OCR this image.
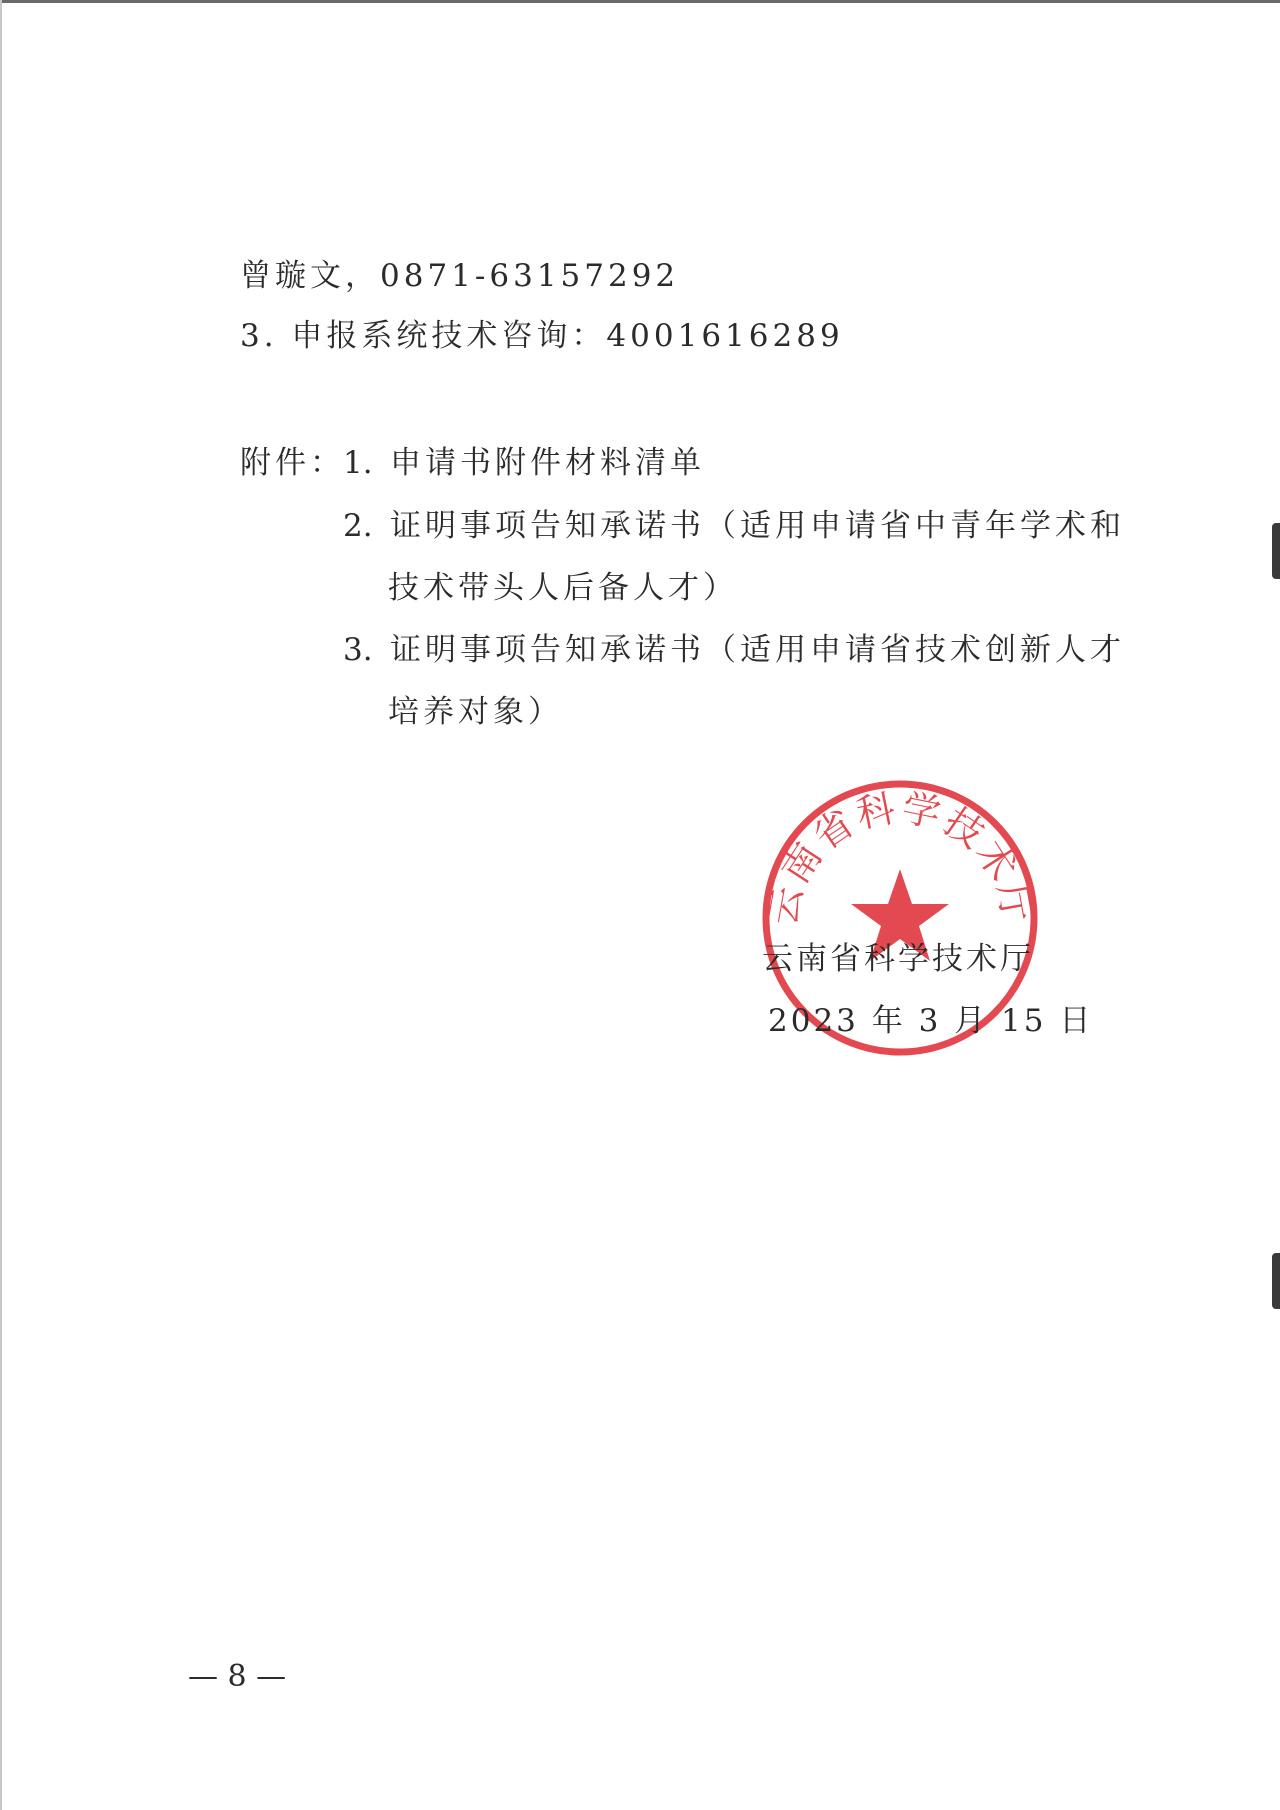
曾璇文，0871-63157292
3. 申报系统技术咨询：4001616289
附件：
1. 申请书附件材料清单
2. 证明事项告知承诺书（适用申请省中青年学术和
技术带头人后备人才）
3. 证明事项告知承诺书（适用申请省技术创新人才
培养对象）
云南省科学技术厅
云南省科学技术厅
2023 年 3 月 15 日
— 8 —
